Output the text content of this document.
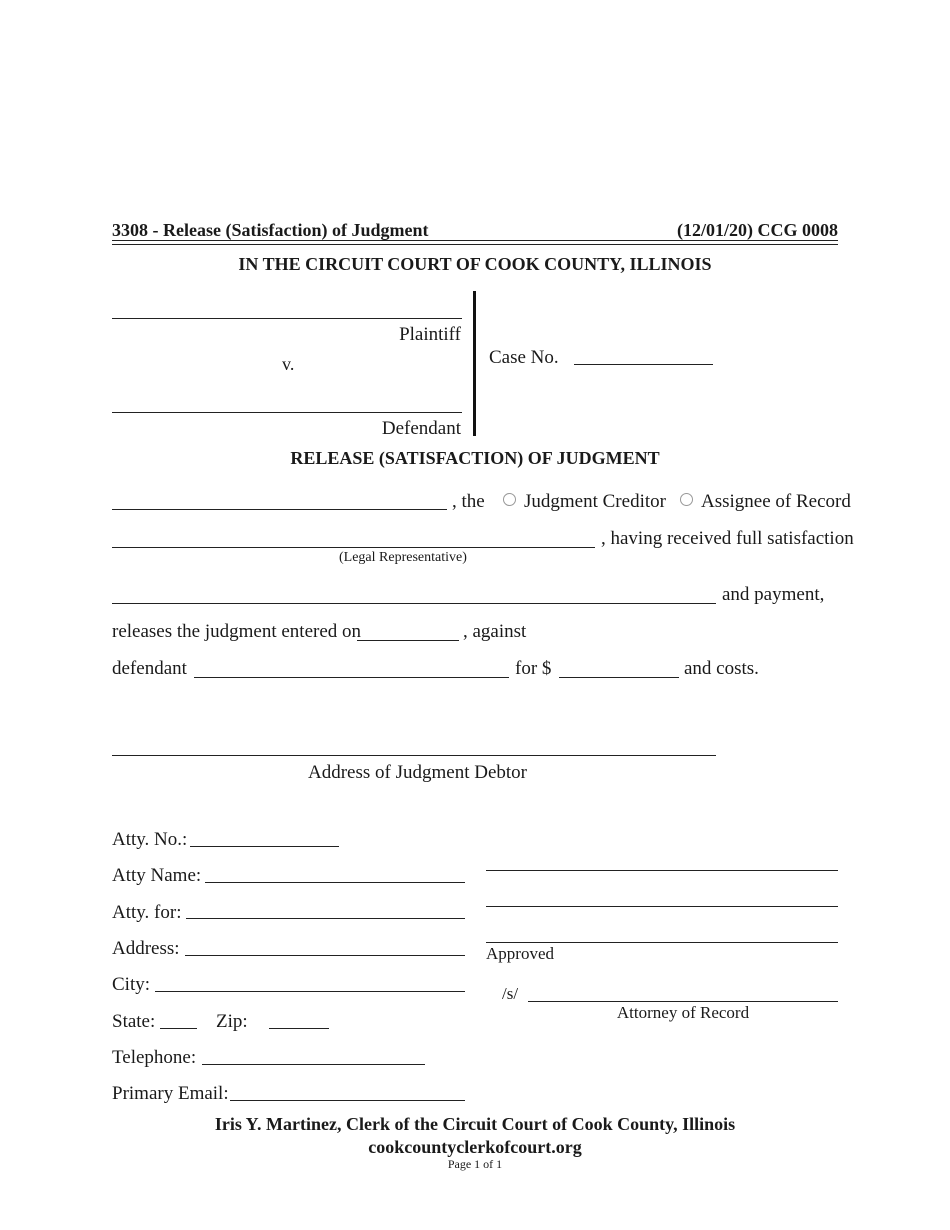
3308 - Release (Satisfaction) of Judgment	(12/01/20) CCG 0008
IN THE CIRCUIT COURT OF COOK COUNTY, ILLINOIS
Plaintiff
v.
Defendant
Case No.
RELEASE (SATISFACTION) OF JUDGMENT
, the	Judgment Creditor	Assignee of Record
, having received full satisfaction
(Legal Representative)
and payment,
releases the judgment entered on	, against
defendant	for $	and costs.
Address of Judgment Debtor
Atty. No.:
Atty Name:
Atty. for:
Address:
City:
State:	Zip:
Telephone:
Primary Email:
Approved
/s/
Attorney of Record
Iris Y. Martinez, Clerk of the Circuit Court of Cook County, Illinois
cookcountyclerkofcourt.org
Page 1 of 1
